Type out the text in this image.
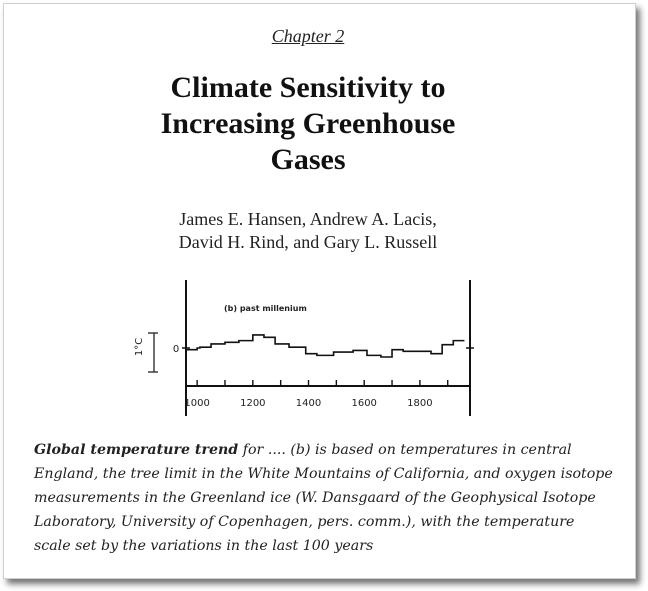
Chapter 2
Climate Sensitivity to
Increasing Greenhouse
Gases
James E. Hansen, Andrew A. Lacis,
David H. Rind, and Gary L. Russell
(b) past millenium
1°C	0
1000	1200	1400	1600	1800
Global temperature trend for .... (b) is based on temperatures in central England, the tree limit in the White Mountains of California, and oxygen isotope measurements in the Greenland ice (W. Dansgaard of the Geophysical Isotope Laboratory, University of Copenhagen, pers. comm.), with the temperature scale set by the variations in the last 100 years
